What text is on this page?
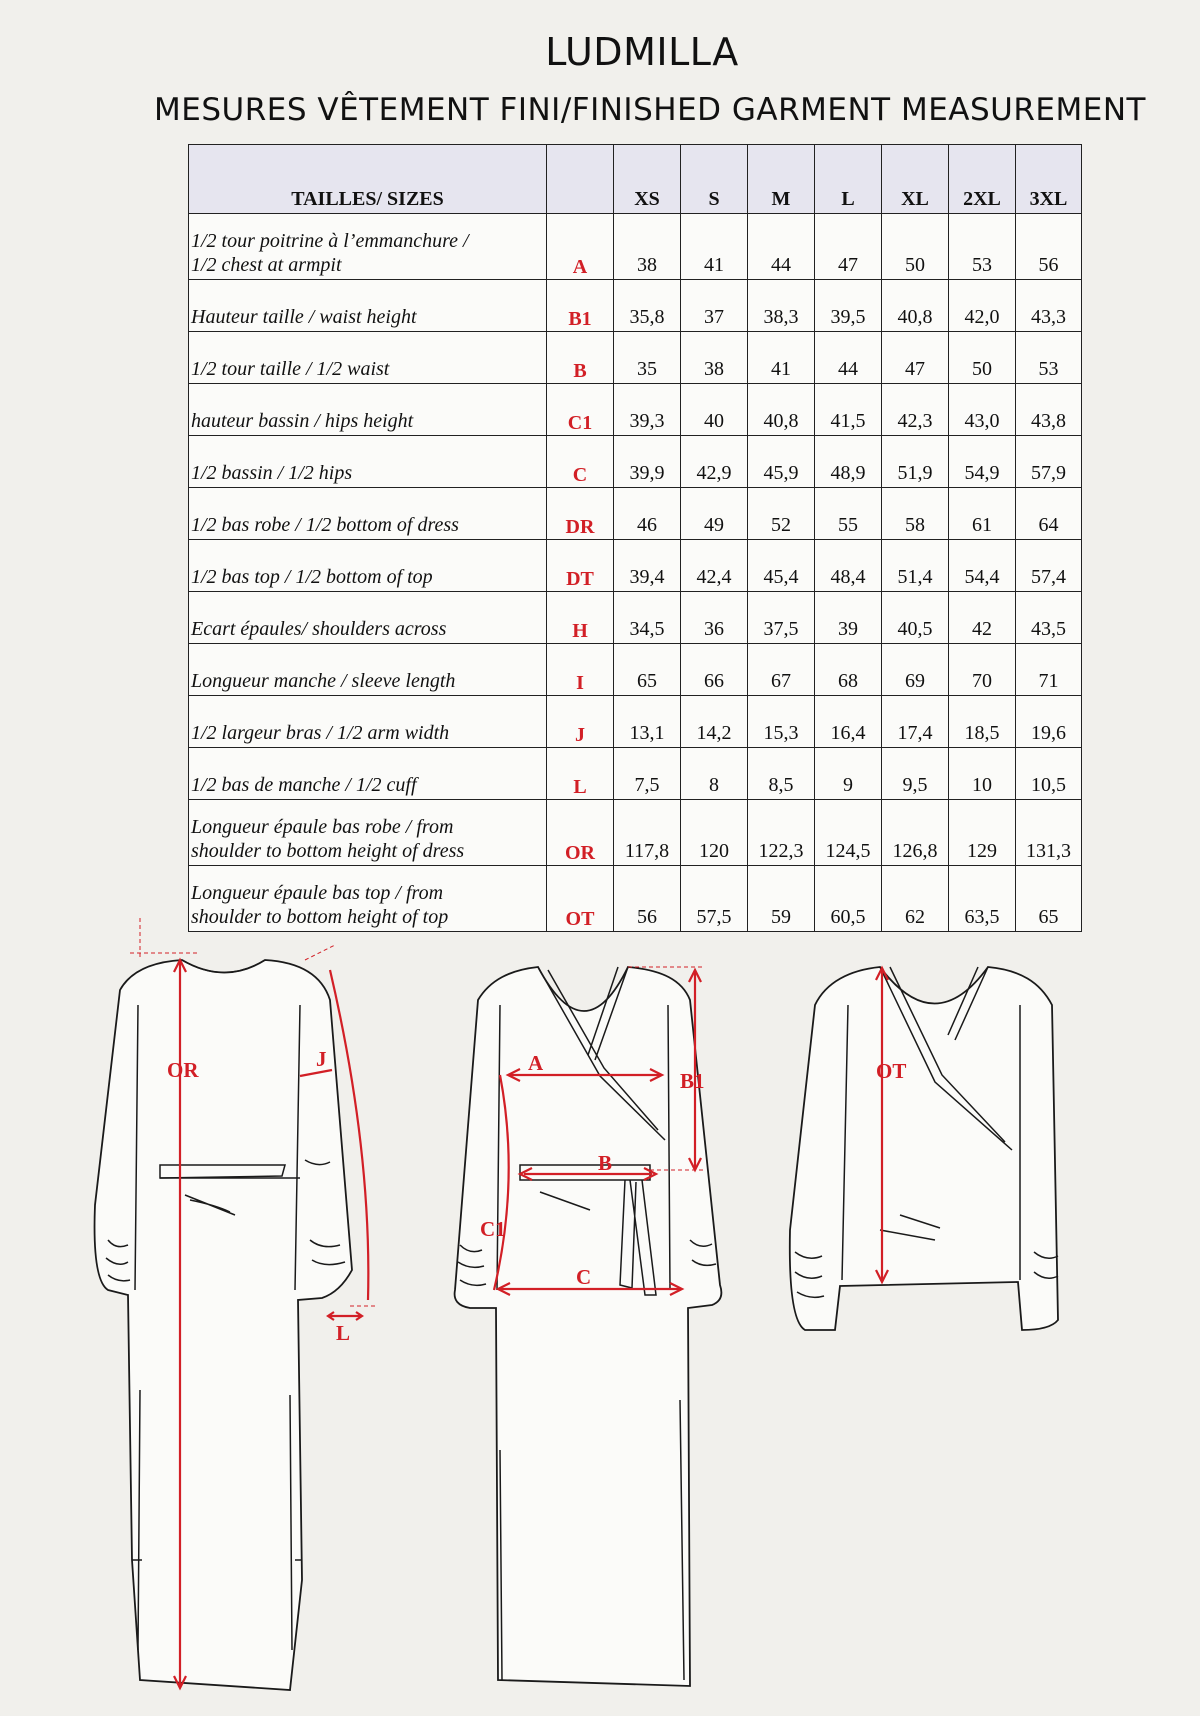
LUDMILLA
MESURES VÊTEMENT FINI/FINISHED GARMENT MEASUREMENT
TAILLES/ SIZES		XS	S	M	L	XL	2XL	3XL
1/2 tour poitrine à l’emmanchure /
1/2 chest at armpit	A	38	41	44	47	50	53	56
Hauteur taille / waist height	B1	35,8	37	38,3	39,5	40,8	42,0	43,3
1/2 tour taille / 1/2 waist	B	35	38	41	44	47	50	53
hauteur bassin / hips height	C1	39,3	40	40,8	41,5	42,3	43,0	43,8
1/2 bassin / 1/2 hips	C	39,9	42,9	45,9	48,9	51,9	54,9	57,9
1/2 bas robe / 1/2 bottom of dress	DR	46	49	52	55	58	61	64
1/2 bas top / 1/2 bottom of top	DT	39,4	42,4	45,4	48,4	51,4	54,4	57,4
Ecart épaules/ shoulders across	H	34,5	36	37,5	39	40,5	42	43,5
Longueur manche / sleeve length	I	65	66	67	68	69	70	71
1/2 largeur bras / 1/2 arm width	J	13,1	14,2	15,3	16,4	17,4	18,5	19,6
1/2 bas de manche / 1/2 cuff	L	7,5	8	8,5	9	9,5	10	10,5
Longueur épaule bas robe / from
shoulder to bottom height of dress	OR	117,8	120	122,3	124,5	126,8	129	131,3
Longueur épaule bas top / from
shoulder to bottom height of top	OT	56	57,5	59	60,5	62	63,5	65
OR	J
L
A
B1
B
C1
C
OT
